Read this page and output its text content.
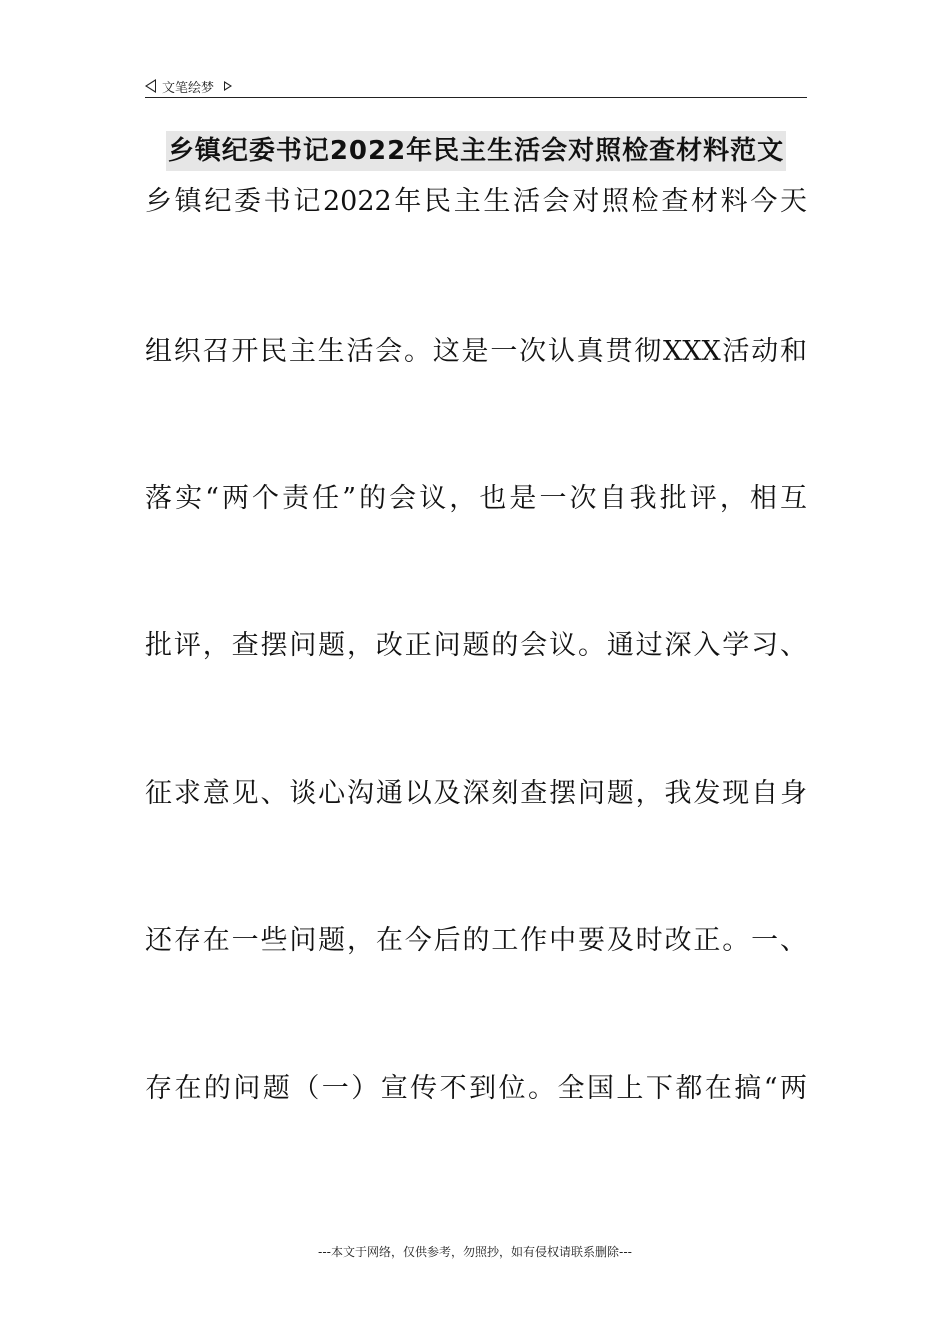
文笔绘梦
乡镇纪委书记2022年民主生活会对照检查材料范文
乡镇纪委书记2022年民主生活会对照检查材料今天
组织召开民主生活会。这是一次认真贯彻XXX活动和
落实“两个责任”的会议，也是一次自我批评，相互
批评，查摆问题，改正问题的会议。通过深入学习、
征求意见、谈心沟通以及深刻查摆问题，我发现自身
还存在一些问题，在今后的工作中要及时改正。一、
存在的问题（一）宣传不到位。全国上下都在搞“两
---本文于网络，仅供参考，勿照抄，如有侵权请联系删除---
